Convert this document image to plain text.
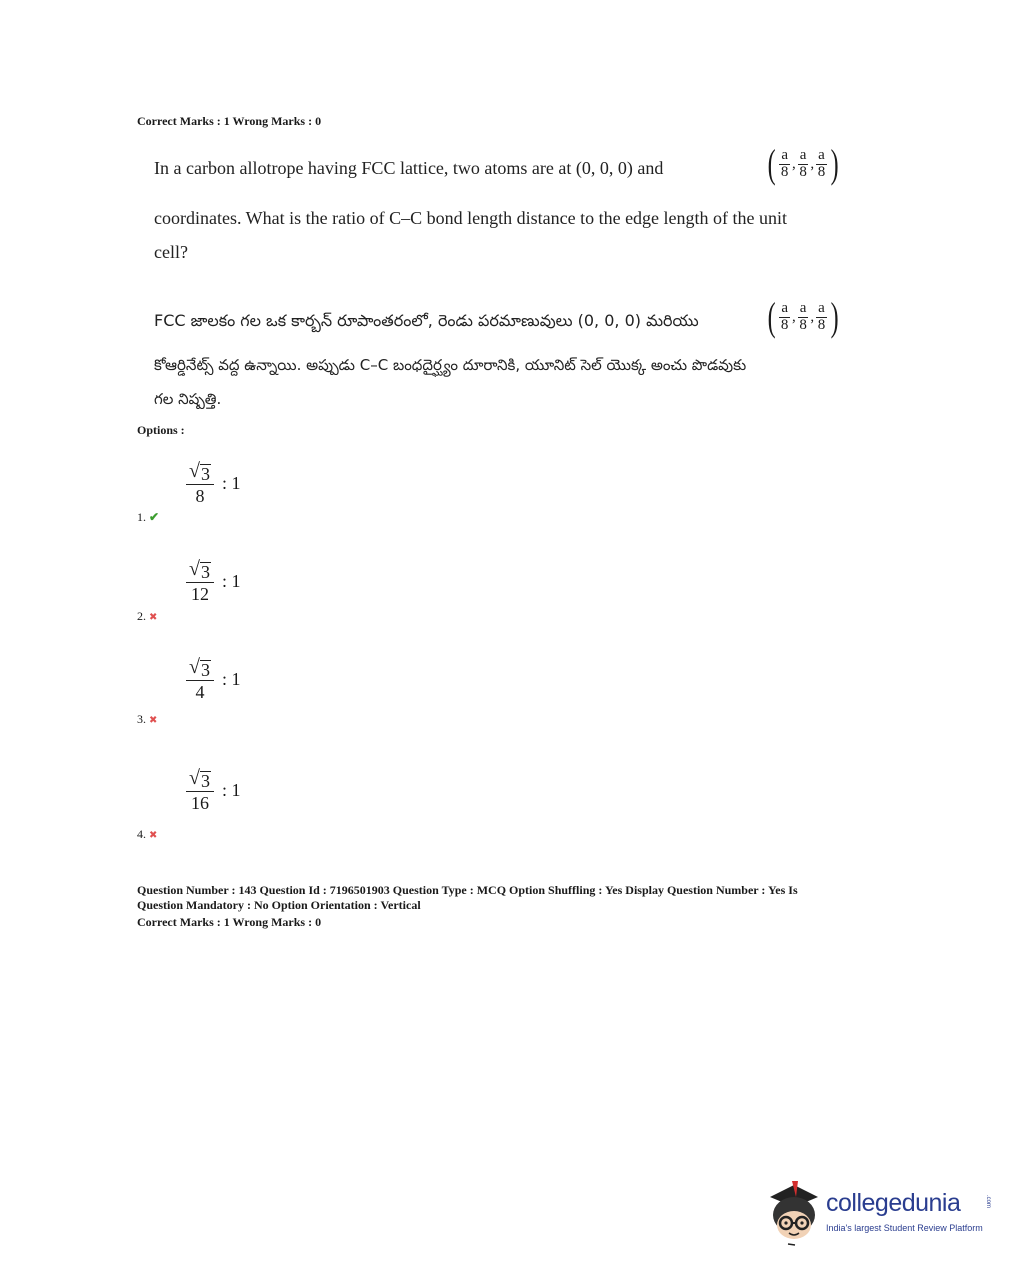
Correct Marks : 1 Wrong Marks : 0
In a carbon allotrope having FCC lattice, two atoms are at (0, 0, 0) and	( $\frac{a}{8}$ , $\frac{a}{8}$ , $\frac{a}{8}$ )
coordinates. What is the ratio of C–C bond length distance to the edge length of the unit
cell?
FCC జాలకం గల ఒక కార్బన్ రూపాంతరంలో, రెండు పరమాణువులు (0, 0, 0) మరియు ( $\frac{a}{8}$ , $\frac{a}{8}$ , $\frac{a}{8}$ )
కోఆర్డినేట్స్ వద్ద ఉన్నాయి. అప్పుడు C–C బంధదైర్ఘ్యం దూరానికి, యూనిట్ సెల్ యొక్క అంచు పొడవుకు
గల నిష్పత్తి.
Options :
√ 3
8
: 1
1. ✔
√ 3
12
: 1
2. ✖
√ 3
4
: 1
3. ✖
√ 3
16
: 1
4. ✖
Question Number : 143 Question Id : 7196501903 Question Type : MCQ Option Shuffling : Yes Display Question Number : Yes Is
Question Mandatory : No Option Orientation : Vertical
Correct Marks : 1 Wrong Marks : 0
collegedunia	.com
India's largest Student Review Platform
